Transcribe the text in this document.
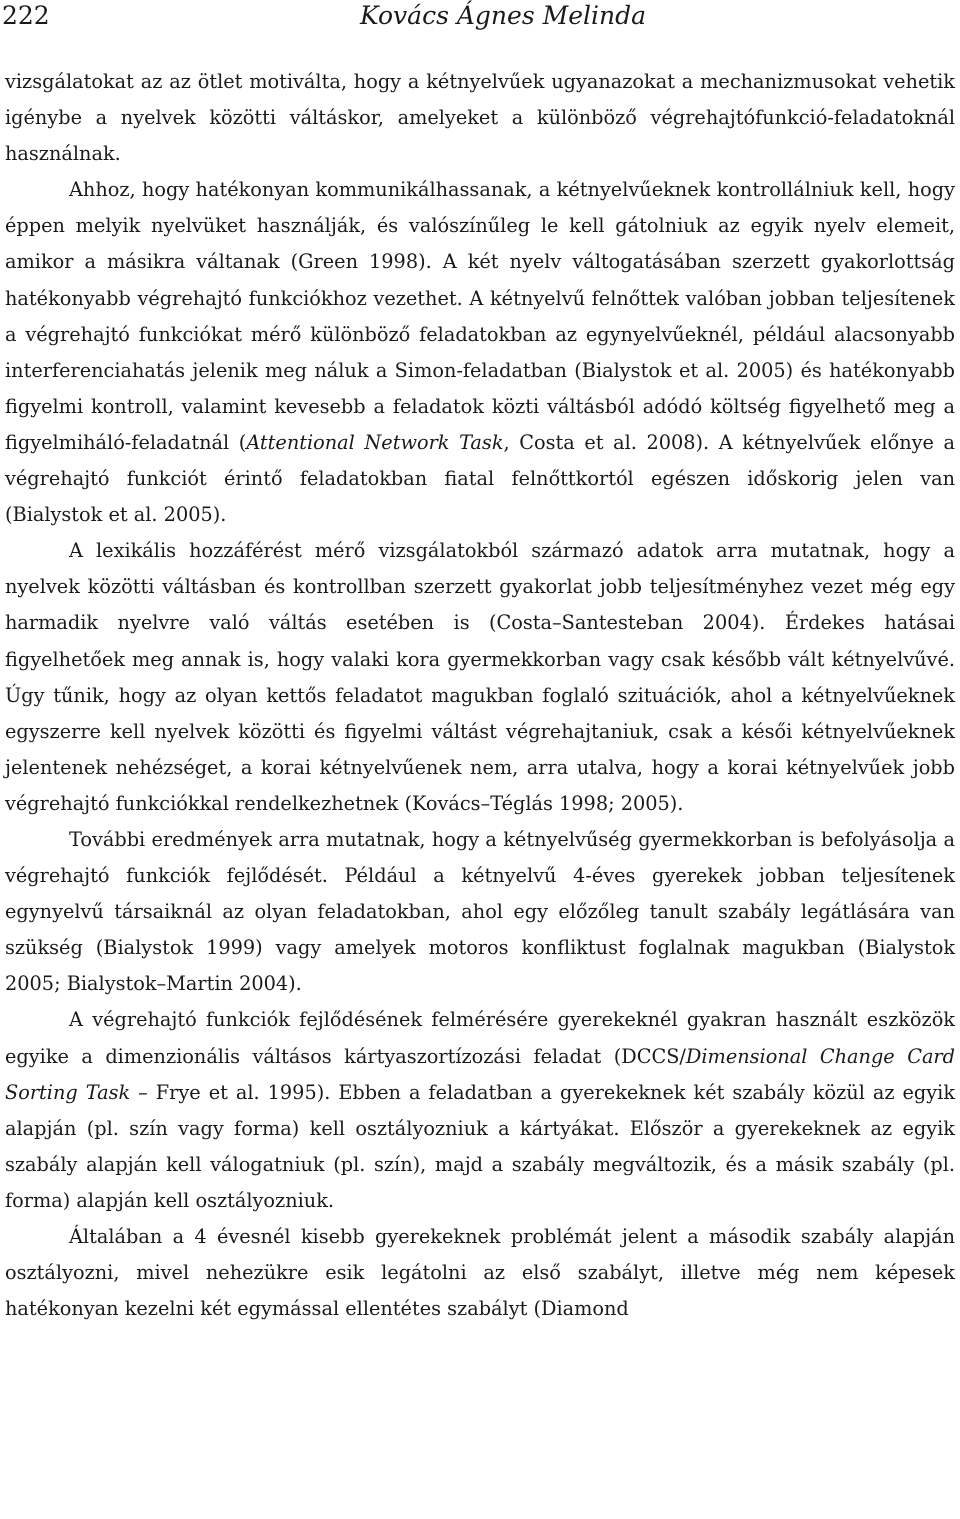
222	Kovács Ágnes Melinda

vizsgálatokat az az ötlet motiválta, hogy a kétnyelvűek ugyanazokat a mechanizmusokat vehetik igénybe a nyelvek közötti váltáskor, amelyeket a különböző végrehajtófunkció-feladatoknál használnak.

Ahhoz, hogy hatékonyan kommunikálhassanak, a kétnyelvűeknek kontrollálniuk kell, hogy éppen melyik nyelvüket használják, és valószínűleg le kell gátolniuk az egyik nyelv elemeit, amikor a másikra váltanak (Green 1998). A két nyelv váltogatásában szerzett gyakorlottság hatékonyabb végrehajtó funkciókhoz vezethet. A kétnyelvű felnőttek valóban jobban teljesítenek a végrehajtó funkciókat mérő különböző feladatokban az egynyelvűeknél, például alacsonyabb interferenciahatás jelenik meg náluk a Simon-feladatban (Bialystok et al. 2005) és hatékonyabb figyelmi kontroll, valamint kevesebb a feladatok közti váltásból adódó költség figyelhető meg a figyelmiháló-feladatnál (Attentional Network Task, Costa et al. 2008). A kétnyelvűek előnye a végrehajtó funkciót érintő feladatokban fiatal felnőttkortól egészen időskorig jelen van (Bialystok et al. 2005).

A lexikális hozzáférést mérő vizsgálatokból származó adatok arra mutatnak, hogy a nyelvek közötti váltásban és kontrollban szerzett gyakorlat jobb teljesítményhez vezet még egy harmadik nyelvre való váltás esetében is (Costa–Santesteban 2004). Érdekes hatásai figyelhetőek meg annak is, hogy valaki kora gyermekkorban vagy csak később vált kétnyelvűvé. Úgy tűnik, hogy az olyan kettős feladatot magukban foglaló szituációk, ahol a kétnyelvűeknek egyszerre kell nyelvek közötti és figyelmi váltást végrehajtaniuk, csak a késői kétnyelvűeknek jelentenek nehézséget, a korai kétnyelvűenek nem, arra utalva, hogy a korai kétnyelvűek jobb végrehajtó funkciókkal rendelkezhetnek (Kovács–Téglás 1998; 2005).

További eredmények arra mutatnak, hogy a kétnyelvűség gyermekkorban is befolyásolja a végrehajtó funkciók fejlődését. Például a kétnyelvű 4-éves gyerekek jobban teljesítenek egynyelvű társaiknál az olyan feladatokban, ahol egy előzőleg tanult szabály legátlására van szükség (Bialystok 1999) vagy amelyek motoros konfliktust foglalnak magukban (Bialystok 2005; Bialystok–Martin 2004).

A végrehajtó funkciók fejlődésének felmérésére gyerekeknél gyakran használt eszközök egyike a dimenzionális váltásos kártyaszortízozási feladat (DCCS/Dimensional Change Card Sorting Task – Frye et al. 1995). Ebben a feladatban a gyerekeknek két szabály közül az egyik alapján (pl. szín vagy forma) kell osztályozniuk a kártyákat. Először a gyerekeknek az egyik szabály alapján kell válogatniuk (pl. szín), majd a szabály megváltozik, és a másik szabály (pl. forma) alapján kell osztályozniuk.

Általában a 4 évesnél kisebb gyerekeknek problémát jelent a második szabály alapján osztályozni, mivel nehezükre esik legátolni az első szabályt, illetve még nem képesek hatékonyan kezelni két egymással ellentétes szabályt (Diamond
